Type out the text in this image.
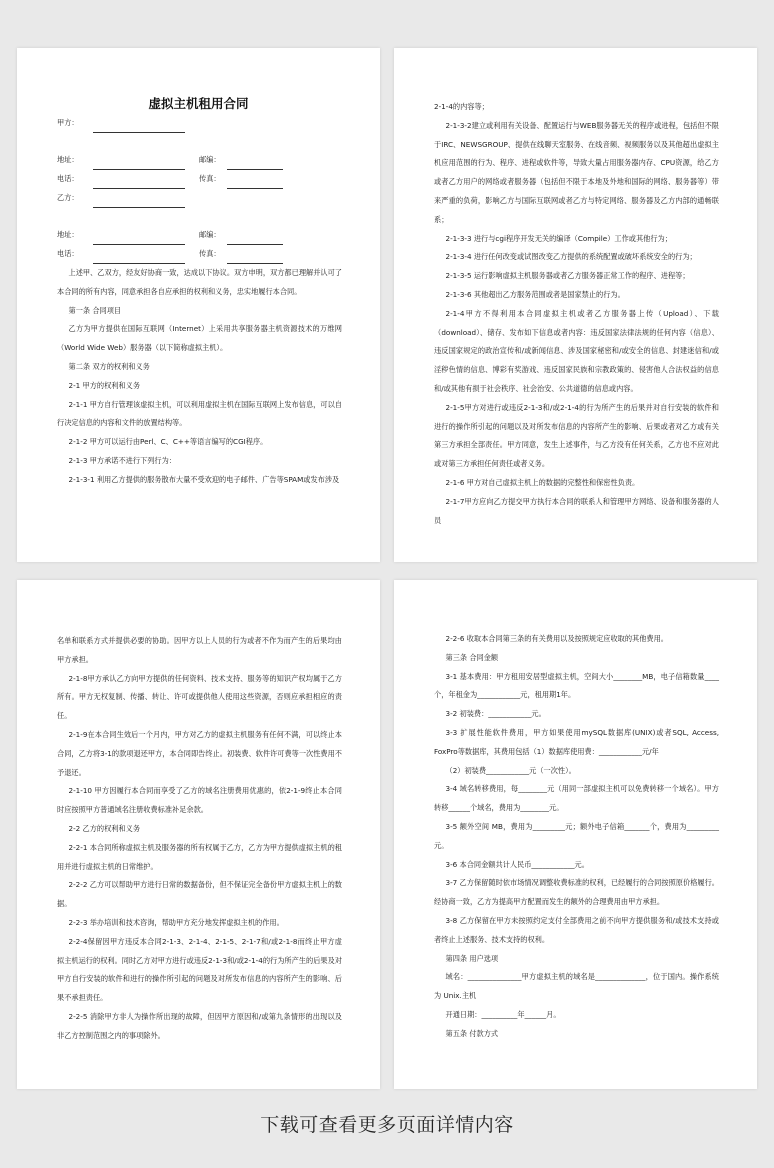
虚拟主机租用合同
甲方：
地址：	邮编：
电话：	传真：
乙方：
地址：	邮编：
电话：	传真：

上述甲、乙双方，经友好协商一致，达成以下协议。双方申明，双方都已理解并认可了本合同的所有内容，同意承担各自应承担的权利和义务，忠实地履行本合同。

第一条 合同项目

乙方为甲方提供在国际互联网（Internet）上采用共享服务器主机资源技术的万维网（World Wide Web）服务器（以下简称虚拟主机）。

第二条 双方的权利和义务

2-1 甲方的权利和义务

2-1-1 甲方自行管理该虚拟主机，可以利用虚拟主机在国际互联网上发布信息，可以自行决定信息的内容和文件的放置结构等。

2-1-2 甲方可以运行由Perl、C、C++等语言编写的CGI程序。

2-1-3 甲方承诺不进行下列行为：

2-1-3-1 利用乙方提供的服务散布大量不受欢迎的电子邮件、广告等SPAM或发布涉及

2-1-4的内容等；

2-1-3-2建立或利用有关设备、配置运行与WEB服务器无关的程序或进程，包括但不限于IRC、NEWSGROUP、提供在线聊天室服务、在线音频、视频服务以及其他超出虚拟主机应用范围的行为、程序、进程或软件等，导致大量占用服务器内存、CPU资源，给乙方或者乙方用户的网络或者服务器（包括但不限于本地及外地和国际的网络、服务器等）带来严重的负荷，影响乙方与国际互联网或者乙方与特定网络、服务器及乙方内部的通畅联系；

2-1-3-3 进行与cgi程序开发无关的编译（Compile）工作或其他行为；

2-1-3-4 进行任何改变或试图改变乙方提供的系统配置或破坏系统安全的行为；

2-1-3-5 运行影响虚拟主机服务器或者乙方服务器正常工作的程序、进程等；

2-1-3-6 其他超出乙方服务范围或者是国家禁止的行为。

2-1-4甲方不得利用本合同虚拟主机或者乙方服务器上传（Upload）、下载（download）、储存、发布如下信息或者内容：违反国家法律法规的任何内容（信息）、违反国家规定的政治宣传和/或新闻信息、涉及国家秘密和/或安全的信息、封建迷信和/或淫秽色情的信息、博彩有奖游戏、违反国家民族和宗教政策的、侵害他人合法权益的信息和/或其他有损于社会秩序、社会治安、公共道德的信息或内容。

2-1-5甲方对进行或违反2-1-3和/或2-1-4的行为所产生的后果并对自行安装的软件和进行的操作所引起的问题以及对所发布信息的内容所产生的影响、后果或者对乙方或有关第三方承担全部责任。甲方同意，发生上述事件，与乙方没有任何关系，乙方也不应对此或对第三方承担任何责任或者义务。

2-1-6 甲方对自己虚拟主机上的数据的完整性和保密性负责。

2-1-7甲方应向乙方提交甲方执行本合同的联系人和管理甲方网络、设备和服务器的人员

名单和联系方式并提供必要的协助。因甲方以上人员的行为或者不作为而产生的后果均由甲方承担。

2-1-8甲方承认乙方向甲方提供的任何资料、技术支持、服务等的知识产权均属于乙方所有。甲方无权复制、传播、转让、许可或提供他人使用这些资源，否则应承担相应的责任。

2-1-9在本合同生效后一个月内，甲方对乙方的虚拟主机服务有任何不满，可以终止本合同，乙方将3-1的款项退还甲方，本合同即告终止。初装费、软件许可费等一次性费用不予退还。

2-1-10 甲方因履行本合同而享受了乙方的域名注册费用优惠的，依2-1-9终止本合同时应按照甲方普通域名注册收费标准补足余款。

2-2 乙方的权利和义务

2-2-1 本合同所称虚拟主机及服务器的所有权属于乙方，乙方为甲方提供虚拟主机的租用并进行虚拟主机的日常维护。

2-2-2 乙方可以帮助甲方进行日常的数据备份，但不保证完全备份甲方虚拟主机上的数据。

2-2-3 举办培训和技术咨询，帮助甲方充分地发挥虚拟主机的作用。

2-2-4保留因甲方违反本合同2-1-3、2-1-4、2-1-5、2-1-7和/或2-1-8而终止甲方虚拟主机运行的权利。同时乙方对甲方进行或违反2-1-3和/或2-1-4的行为所产生的后果及对甲方自行安装的软件和进行的操作所引起的问题及对所发布信息的内容所产生的影响、后果不承担责任。

2-2-5 消除甲方非人为操作所出现的故障，但因甲方原因和/或第九条情形的出现以及非乙方控制范围之内的事项除外。

2-2-6 收取本合同第三条的有关费用以及按照规定应收取的其他费用。

第三条 合同金额

3-1 基本费用：甲方租用安居型虚拟主机，空间大小________MB，电子信箱数量____个，年租金为____________元，租用期1年。

3-2 初装费：____________元。

3-3 扩展性能软件费用，甲方如果使用mySQL数据库(UNIX)或者SQL, Access, FoxPro等数据库，其费用包括（1）数据库使用费：____________元/年

（2）初装费____________元（一次性）。

3-4 域名转移费用，每________元（用同一部虚拟主机可以免费转移一个域名）。甲方转移______个域名，费用为________元。

3-5 额外空间 MB，费用为_________元；额外电子信箱_______个，费用为_________元。

3-6 本合同金额共计人民币____________元。

3-7 乙方保留随时依市场情况调整收费标准的权利，已经履行的合同按照原价格履行。经协商一致，乙方为提高甲方配置而发生的额外的合理费用由甲方承担。

3-8 乙方保留在甲方未按照约定支付全部费用之前不向甲方提供服务和/或技术支持或者终止上述服务、技术支持的权利。

第四条 用户选项

域名：_______________甲方虚拟主机的域名是______________，位于国内。操作系统为 Unix.主机

开通日期：__________年______月。

第五条 付款方式

下载可查看更多页面详情内容
